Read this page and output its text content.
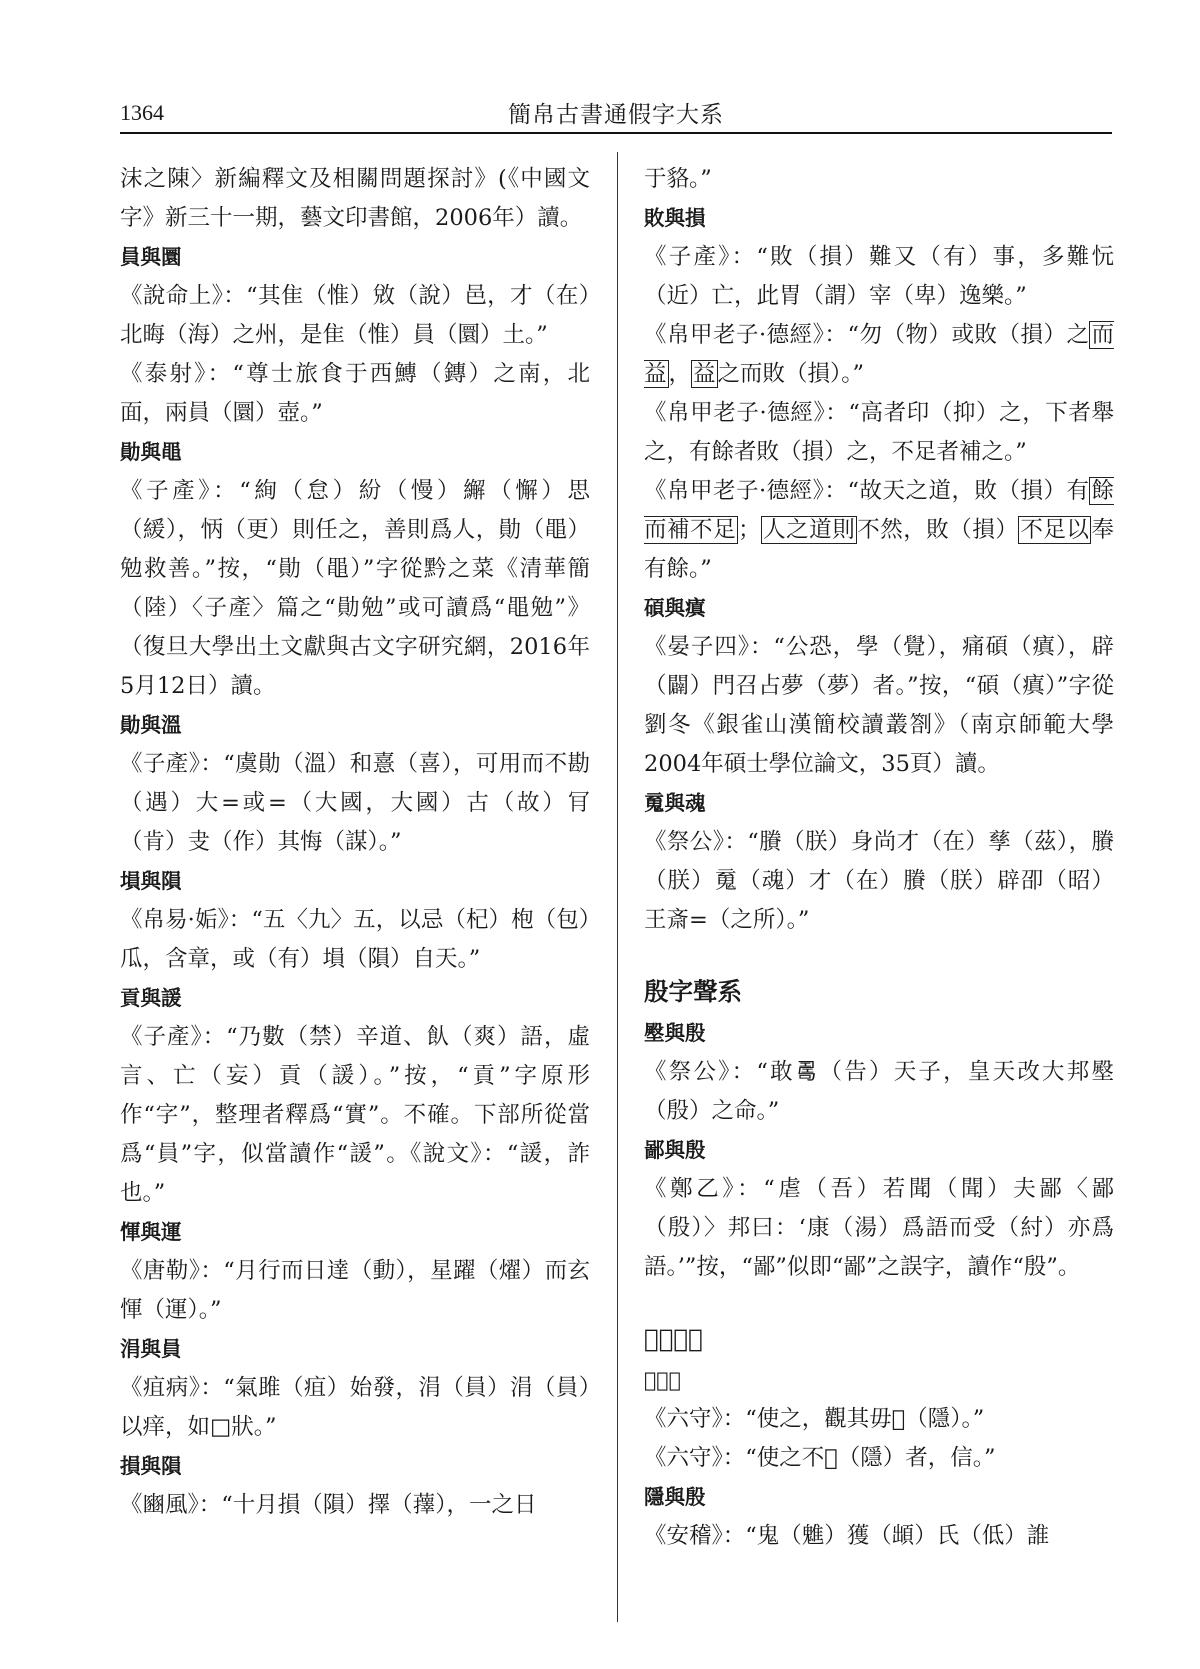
1364	簡帛古書通假字大系

沫之陳〉新編釋文及相關問題探討》(《中國文字》新三十一期，藝文印書館，2006年）讀。

員與圜

《說命上》：“其隹（惟）敓（說）邑，才（在）北晦（海）之州，是隹（惟）員（圜）土。”

《泰射》：“尊士旅食于西鱄（鏄）之南，北面，兩員（圜）壺。”

勛與黽

《子產》：“絢（怠）紛（慢）繲（懈）思（緩），怲（更）則任之，善則爲人，勛（黽）勉救善。”按，“勛（黽）”字從黔之菜《清華簡（陸）〈子產〉篇之“勛勉”或可讀爲“黽勉”》（復旦大學出土文獻與古文字研究網，2016年5月12日）讀。

勛與溫

《子產》：“虞勛（溫）和憙（喜），可用而不勘（遇）大=或=（大國，大國）古（故）肎（肯）叏（作）其悔（謀）。”

塤與隕

《帛易·姤》：“五〈九〉五，以忌（杞）枹（包）瓜，含章，或（有）塤（隕）自天。”

貢與諼

《子產》：“乃數（禁）辛道、飤（爽）語，虛言、亡（妄）貢（諼）。”按，“貢”字原形作“字”，整理者釋爲“實”。不確。下部所從當爲“員”字，似當讀作“諼”。《說文》：“諼，詐也。”

惲與運

《唐勒》：“月行而日達（動），星躍（燿）而玄惲（運）。”

涓與員

《疽病》：“氣雎（疽）始發，涓（員）涓（員）以痒，如□狀。”

損與隕

《豳風》：“十月損（隕）擇（蘀），一之日

于貉。”

敗與損

《子產》：“敗（損）難又（有）事，多難忨（近）亡，此胃（謂）宰（卑）逸樂。”

《帛甲老子·德經》：“勿（物）或敗（損）之而益，益之而敗（損）。”

《帛甲老子·德經》：“高者印（抑）之，下者舉之，有餘者敗（損）之，不足者補之。”

《帛甲老子·德經》：“故天之道，敗（損）有餘而補不足；人之道則不然，敗（損）不足以奉有餘。”

碩與瘨

《晏子四》：“公恐，學（覺），痛碩（瘨），辟（闢）門召占夢（夢）者。”按，“碩（瘨）”字從劉冬《銀雀山漢簡校讀叢劄》（南京師範大學2004年碩士學位論文，35頁）讀。

䰟與魂

《祭公》：“賸（朕）身尚才（在）孳（茲），賸（朕）䰟（魂）才（在）賸（朕）辟卲（昭）王斎=（之所）。”

殷字聲系
壂與殷

《祭公》：“敢𠷎（告）天子，皇天改大邦壂（殷）之命。”

鄙與殷

《鄭乙》：“虐（吾）若聞（聞）夫鄙〈鄙（殷）〉邦曰：‘康（湯）爲語而受（紂）亦爲語。’”按，“鄙”似即“鄙”之誤字，讀作“殷”。

𢚩字聲系
𢚩與隱

《六守》：“使之，觀其毋𢚩（隱）。”

《六守》：“使之不𢚩（隱）者，信。”

隱與殷

《安稽》：“鬼（魋）獲（䪼）氏（低）誰
